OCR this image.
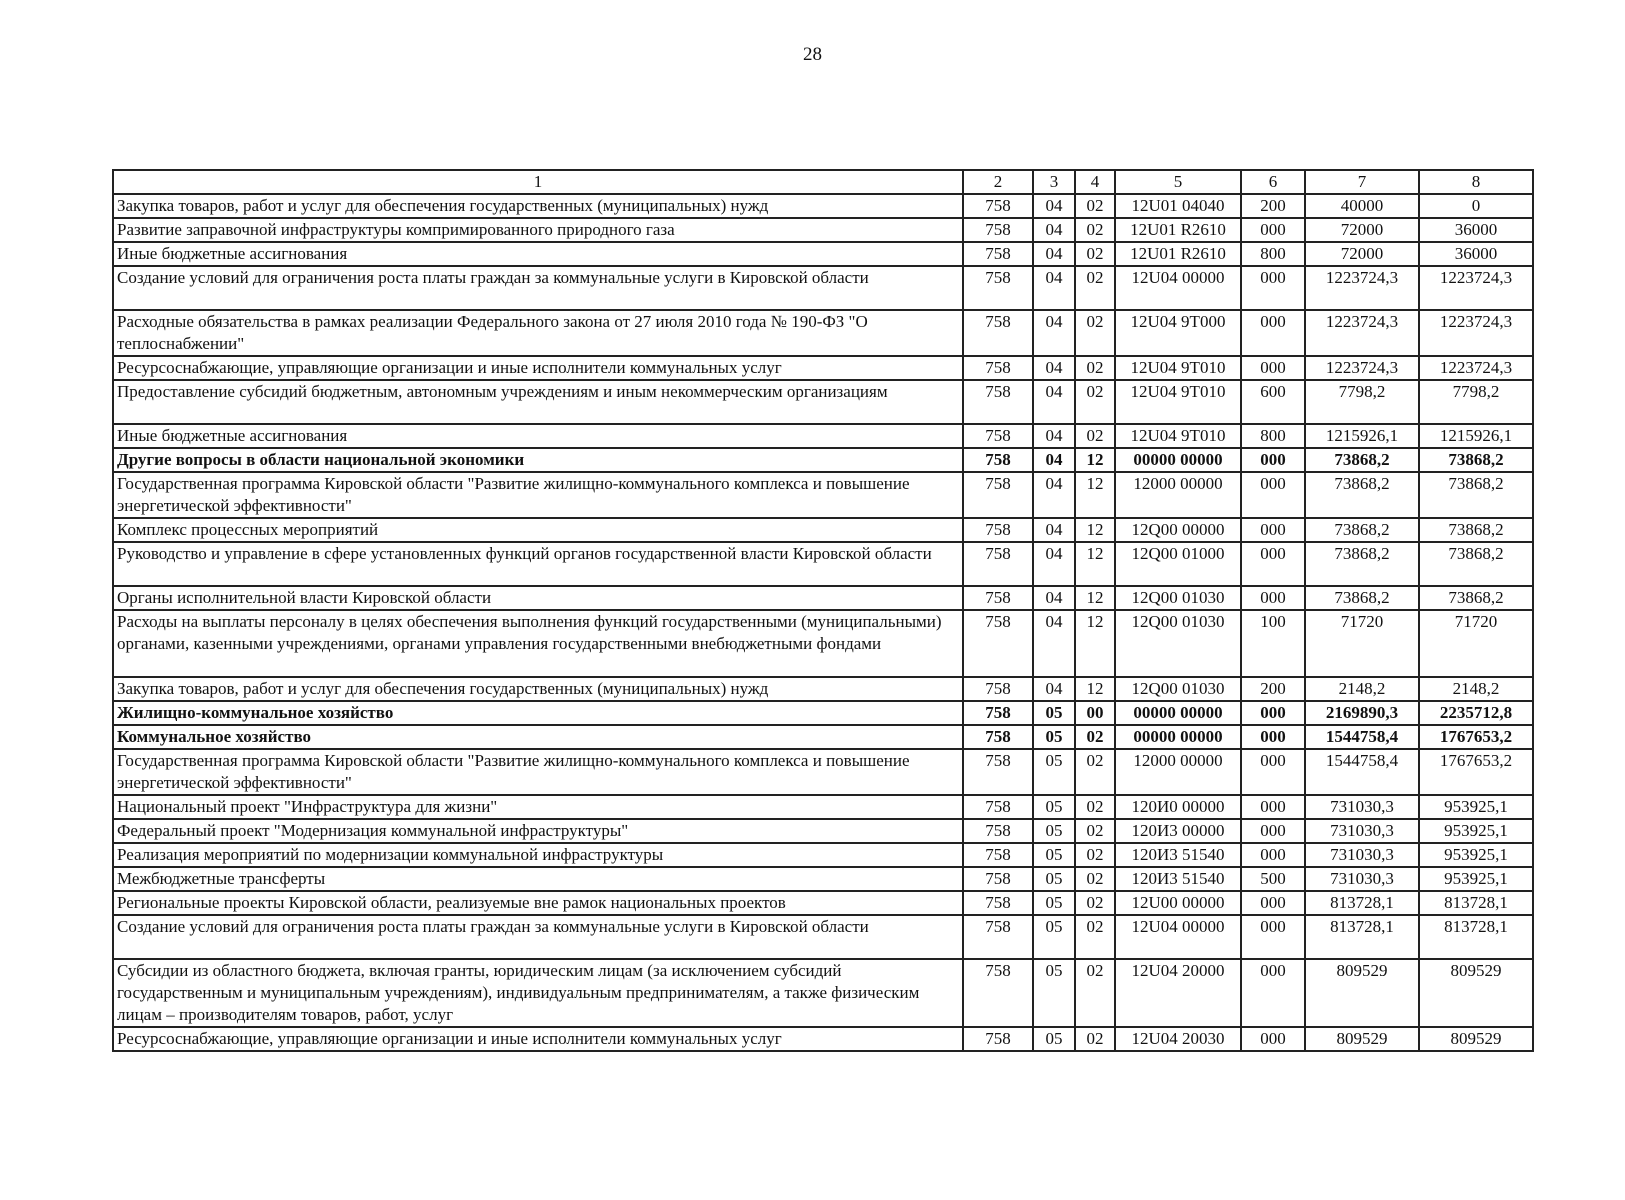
28
1	2	3	4	5	6	7	8
Закупка товаров, работ и услуг для обеспечения государственных (муниципальных) нужд	758	04	02	12U01 04040	200	40000	0
Развитие заправочной инфраструктуры компримированного природного газа	758	04	02	12U01 R2610	000	72000	36000
Иные бюджетные ассигнования	758	04	02	12U01 R2610	800	72000	36000
Создание условий для ограничения роста платы граждан за коммунальные услуги в Кировской области	758	04	02	12U04 00000	000	1223724,3	1223724,3
Расходные обязательства в рамках реализации Федерального закона от 27 июля 2010 года № 190-ФЗ "О теплоснабжении"	758	04	02	12U04 9T000	000	1223724,3	1223724,3
Ресурсоснабжающие, управляющие организации и иные исполнители коммунальных услуг	758	04	02	12U04 9T010	000	1223724,3	1223724,3
Предоставление субсидий бюджетным, автономным учреждениям и иным некоммерческим организациям	758	04	02	12U04 9T010	600	7798,2	7798,2
Иные бюджетные ассигнования	758	04	02	12U04 9T010	800	1215926,1	1215926,1
Другие вопросы в области национальной экономики	758	04	12	00000 00000	000	73868,2	73868,2
Государственная программа Кировской области "Развитие жилищно-коммунального комплекса и повышение энергетической эффективности"	758	04	12	12000 00000	000	73868,2	73868,2
Комплекс процессных мероприятий	758	04	12	12Q00 00000	000	73868,2	73868,2
Руководство и управление в сфере установленных функций органов государственной власти Кировской области	758	04	12	12Q00 01000	000	73868,2	73868,2
Органы исполнительной власти Кировской области	758	04	12	12Q00 01030	000	73868,2	73868,2
Расходы на выплаты персоналу в целях обеспечения выполнения функций государственными (муниципальными) органами, казенными учреждениями, органами управления государственными внебюджетными фондами	758	04	12	12Q00 01030	100	71720	71720
Закупка товаров, работ и услуг для обеспечения государственных (муниципальных) нужд	758	04	12	12Q00 01030	200	2148,2	2148,2
Жилищно-коммунальное хозяйство	758	05	00	00000 00000	000	2169890,3	2235712,8
Коммунальное хозяйство	758	05	02	00000 00000	000	1544758,4	1767653,2
Государственная программа Кировской области "Развитие жилищно-коммунального комплекса и повышение энергетической эффективности"	758	05	02	12000 00000	000	1544758,4	1767653,2
Национальный проект "Инфраструктура для жизни"	758	05	02	120И0 00000	000	731030,3	953925,1
Федеральный проект "Модернизация коммунальной инфраструктуры"	758	05	02	120И3 00000	000	731030,3	953925,1
Реализация мероприятий по модернизации коммунальной инфраструктуры	758	05	02	120И3 51540	000	731030,3	953925,1
Межбюджетные трансферты	758	05	02	120И3 51540	500	731030,3	953925,1
Региональные проекты Кировской области, реализуемые вне рамок национальных проектов	758	05	02	12U00 00000	000	813728,1	813728,1
Создание условий для ограничения роста платы граждан за коммунальные услуги в Кировской области	758	05	02	12U04 00000	000	813728,1	813728,1
Субсидии из областного бюджета, включая гранты, юридическим лицам (за исключением субсидий государственным и муниципальным учреждениям), индивидуальным предпринимателям, а также физическим лицам – производителям товаров, работ, услуг	758	05	02	12U04 20000	000	809529	809529
Ресурсоснабжающие, управляющие организации и иные исполнители коммунальных услуг	758	05	02	12U04 20030	000	809529	809529
